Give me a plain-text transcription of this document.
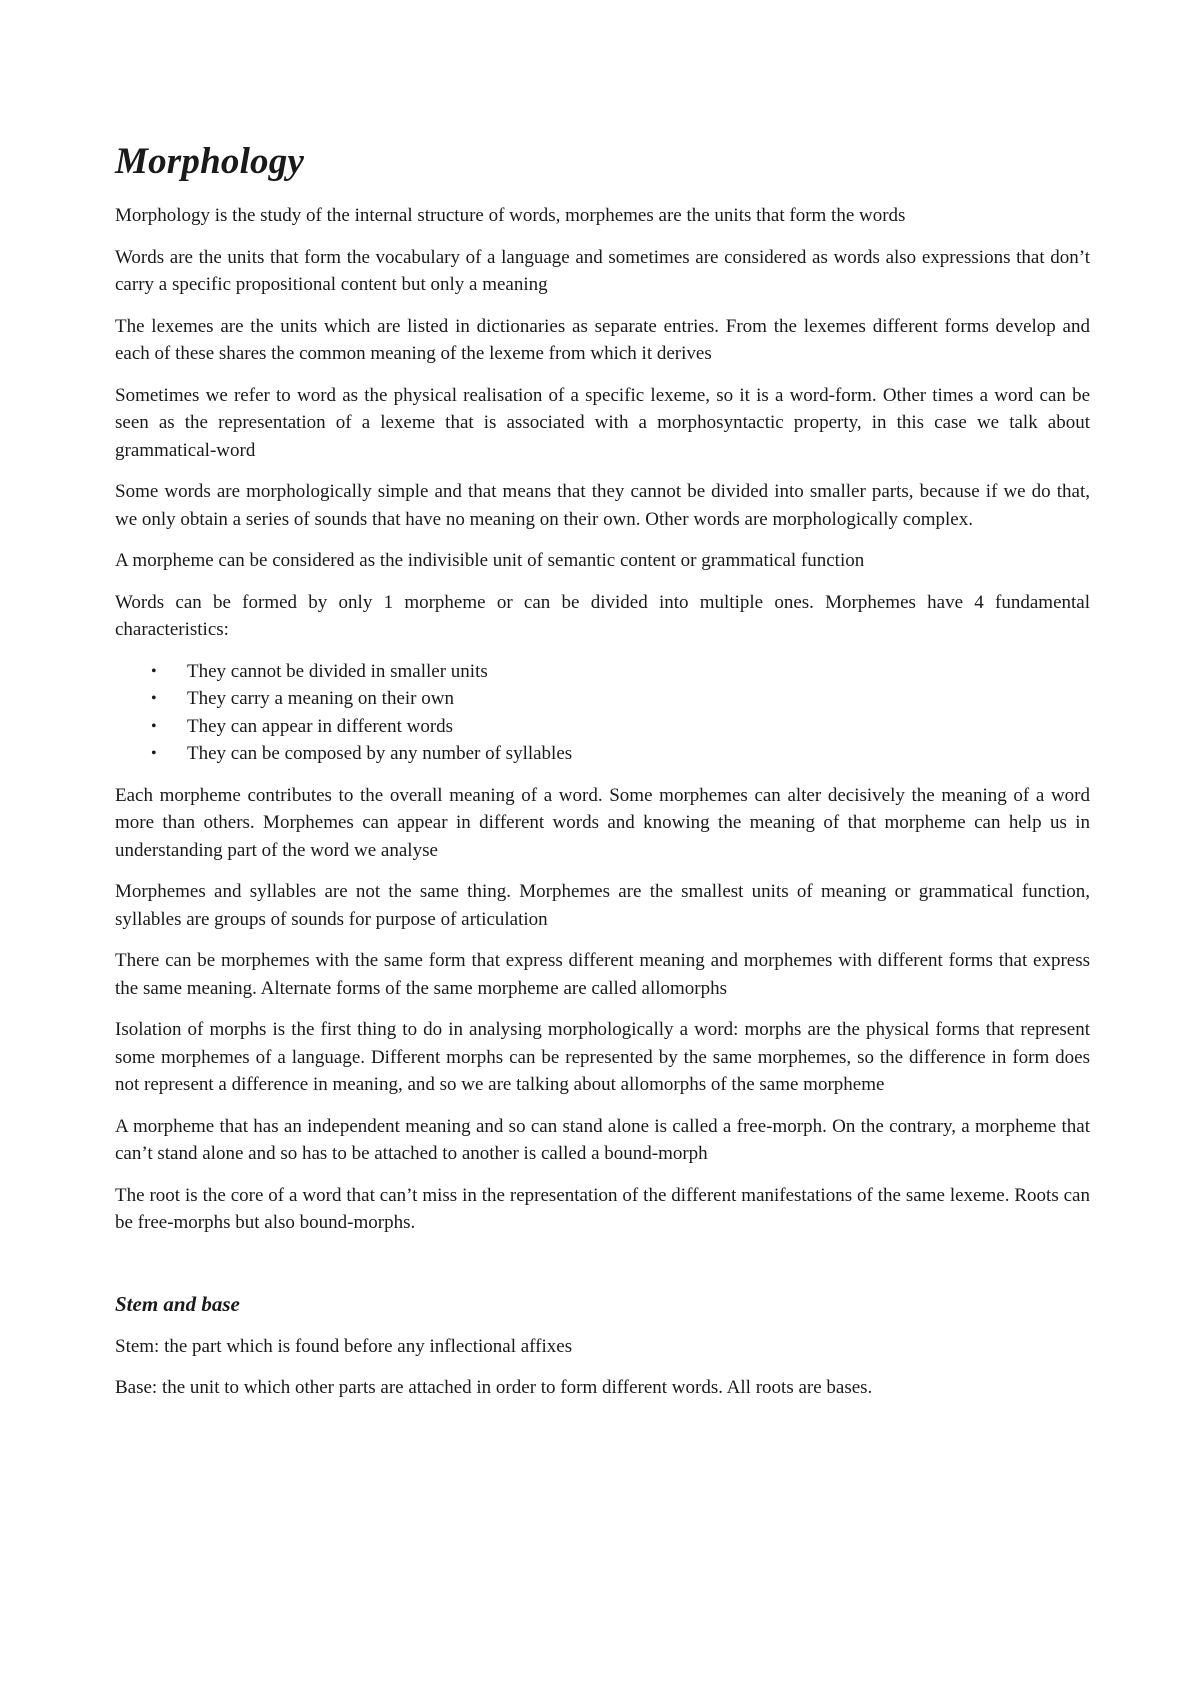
Morphology

Morphology is the study of the internal structure of words, morphemes are the units that form the words

Words are the units that form the vocabulary of a language and sometimes are considered as words also expressions that don’t carry a specific propositional content but only a meaning

The lexemes are the units which are listed in dictionaries as separate entries. From the lexemes different forms develop and each of these shares the common meaning of the lexeme from which it derives

Sometimes we refer to word as the physical realisation of a specific lexeme, so it is a word-form. Other times a word can be seen as the representation of a lexeme that is associated with a morphosyntactic property, in this case we talk about grammatical-word

Some words are morphologically simple and that means that they cannot be divided into smaller parts, because if we do that, we only obtain a series of sounds that have no meaning on their own. Other words are morphologically complex.

A morpheme can be considered as the indivisible unit of semantic content or grammatical function

Words can be formed by only 1 morpheme or can be divided into multiple ones. Morphemes have 4 fundamental characteristics:

• They cannot be divided in smaller units
• They carry a meaning on their own
• They can appear in different words
• They can be composed by any number of syllables

Each morpheme contributes to the overall meaning of a word. Some morphemes can alter decisively the meaning of a word more than others. Morphemes can appear in different words and knowing the meaning of that morpheme can help us in understanding part of the word we analyse

Morphemes and syllables are not the same thing. Morphemes are the smallest units of meaning or grammatical function, syllables are groups of sounds for purpose of articulation

There can be morphemes with the same form that express different meaning and morphemes with different forms that express the same meaning. Alternate forms of the same morpheme are called allomorphs

Isolation of morphs is the first thing to do in analysing morphologically a word: morphs are the physical forms that represent some morphemes of a language. Different morphs can be represented by the same morphemes, so the difference in form does not represent a difference in meaning, and so we are talking about allomorphs of the same morpheme

A morpheme that has an independent meaning and so can stand alone is called a free-morph. On the contrary, a morpheme that can’t stand alone and so has to be attached to another is called a bound-morph

The root is the core of a word that can’t miss in the representation of the different manifestations of the same lexeme. Roots can be free-morphs but also bound-morphs.

Stem and base

Stem: the part which is found before any inflectional affixes

Base: the unit to which other parts are attached in order to form different words. All roots are bases.
